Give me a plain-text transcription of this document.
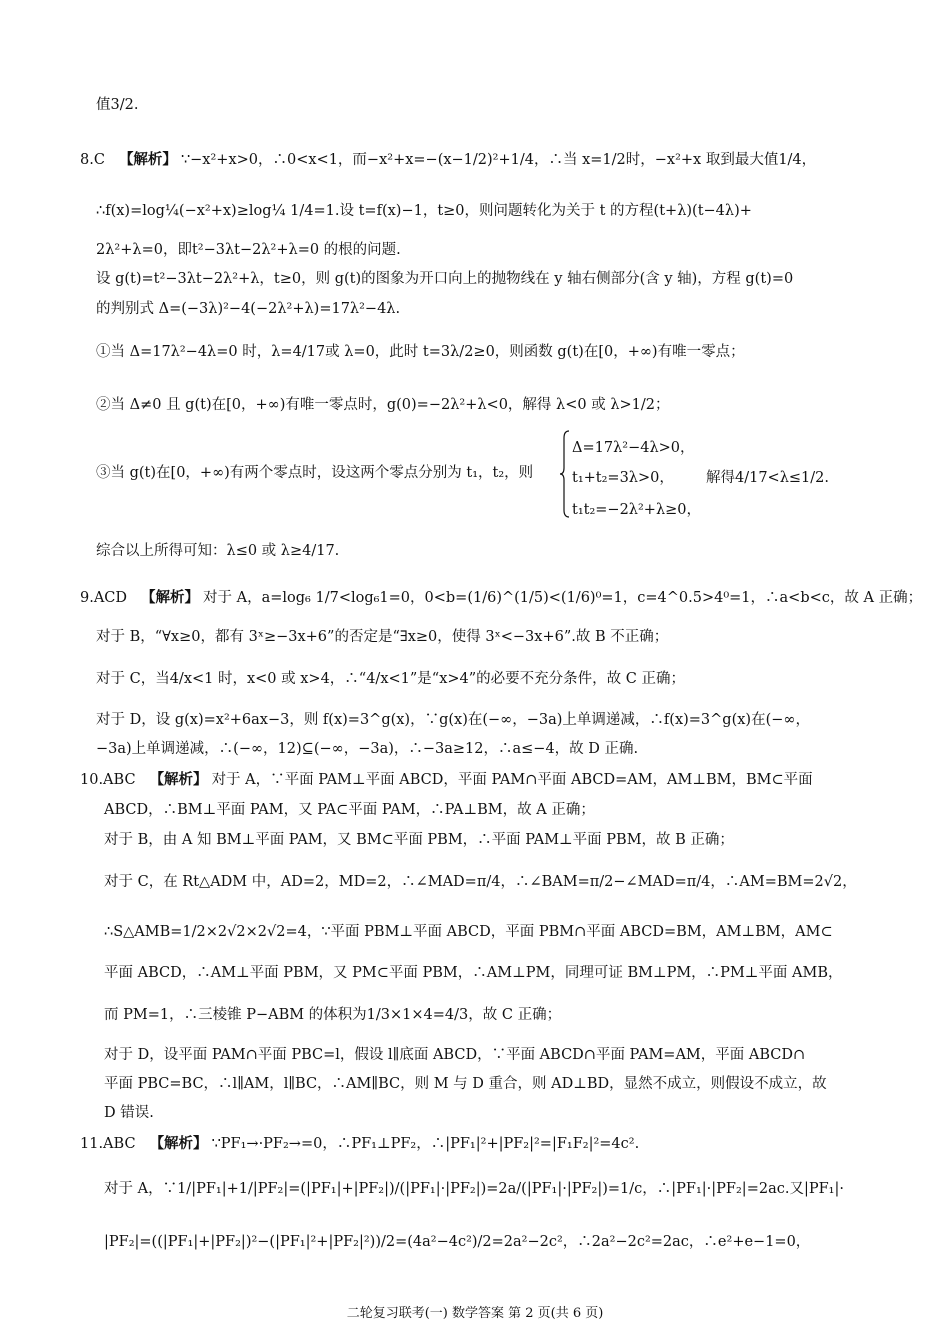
值3/2.
8.C 【解析】 ∵−x²+x>0，∴0<x<1，而−x²+x=−(x−1/2)²+1/4，∴当 x=1/2时，−x²+x 取到最大值1/4，
∴f(x)=log¼(−x²+x)≥log¼ 1/4=1.设 t=f(x)−1，t≥0，则问题转化为关于 t 的方程(t+λ)(t−4λ)+
2λ²+λ=0，即t²−3λt−2λ²+λ=0 的根的问题.
设 g(t)=t²−3λt−2λ²+λ，t≥0，则 g(t)的图象为开口向上的抛物线在 y 轴右侧部分(含 y 轴)，方程 g(t)=0
的判别式 Δ=(−3λ)²−4(−2λ²+λ)=17λ²−4λ.
①当 Δ=17λ²−4λ=0 时，λ=4/17或 λ=0，此时 t=3λ/2≥0，则函数 g(t)在[0，+∞)有唯一零点；
②当 Δ≠0 且 g(t)在[0，+∞)有唯一零点时，g(0)=−2λ²+λ<0，解得 λ<0 或 λ>1/2；
③当 g(t)在[0，+∞)有两个零点时，设这两个零点分别为 t₁，t₂，则
Δ=17λ²−4λ>0，
t₁+t₂=3λ>0，
t₁t₂=−2λ²+λ≥0，
解得4/17<λ≤1/2.
综合以上所得可知：λ≤0 或 λ≥4/17.
9.ACD 【解析】 对于 A，a=log₆ 1/7<log₆1=0，0<b=(1/6)^(1/5)<(1/6)⁰=1，c=4^0.5>4⁰=1，∴a<b<c，故 A 正确；
对于 B，“∀x≥0，都有 3ˣ≥−3x+6”的否定是“∃x≥0，使得 3ˣ<−3x+6”.故 B 不正确；
对于 C，当4/x<1 时，x<0 或 x>4，∴“4/x<1”是“x>4”的必要不充分条件，故 C 正确；
对于 D，设 g(x)=x²+6ax−3，则 f(x)=3^g(x)，∵g(x)在(−∞，−3a)上单调递减，∴f(x)=3^g(x)在(−∞，
−3a)上单调递减，∴(−∞，12)⊆(−∞，−3a)，∴−3a≥12，∴a≤−4，故 D 正确.
10.ABC 【解析】 对于 A，∵平面 PAM⊥平面 ABCD，平面 PAM∩平面 ABCD=AM，AM⊥BM，BM⊂平面
ABCD，∴BM⊥平面 PAM，又 PA⊂平面 PAM，∴PA⊥BM，故 A 正确；
对于 B，由 A 知 BM⊥平面 PAM，又 BM⊂平面 PBM，∴平面 PAM⊥平面 PBM，故 B 正确；
对于 C，在 Rt△ADM 中，AD=2，MD=2，∴∠MAD=π/4，∴∠BAM=π/2−∠MAD=π/4，∴AM=BM=2√2，
∴S△AMB=1/2×2√2×2√2=4，∵平面 PBM⊥平面 ABCD，平面 PBM∩平面 ABCD=BM，AM⊥BM，AM⊂
平面 ABCD，∴AM⊥平面 PBM，又 PM⊂平面 PBM，∴AM⊥PM，同理可证 BM⊥PM，∴PM⊥平面 AMB，
而 PM=1，∴三棱锥 P−ABM 的体积为1/3×1×4=4/3，故 C 正确；
对于 D，设平面 PAM∩平面 PBC=l，假设 l∥底面 ABCD，∵平面 ABCD∩平面 PAM=AM，平面 ABCD∩
平面 PBC=BC，∴l∥AM，l∥BC，∴AM∥BC，则 M 与 D 重合，则 AD⊥BD，显然不成立，则假设不成立，故
D 错误.
11.ABC 【解析】 ∵PF₁→·PF₂→=0，∴PF₁⊥PF₂，∴|PF₁|²+|PF₂|²=|F₁F₂|²=4c².
对于 A，∵1/|PF₁|+1/|PF₂|=(|PF₁|+|PF₂|)/(|PF₁|·|PF₂|)=2a/(|PF₁|·|PF₂|)=1/c，∴|PF₁|·|PF₂|=2ac.又|PF₁|·
|PF₂|=((|PF₁|+|PF₂|)²−(|PF₁|²+|PF₂|²))/2=(4a²−4c²)/2=2a²−2c²，∴2a²−2c²=2ac，∴e²+e−1=0，
二轮复习联考(一) 数学答案 第 2 页(共 6 页)
